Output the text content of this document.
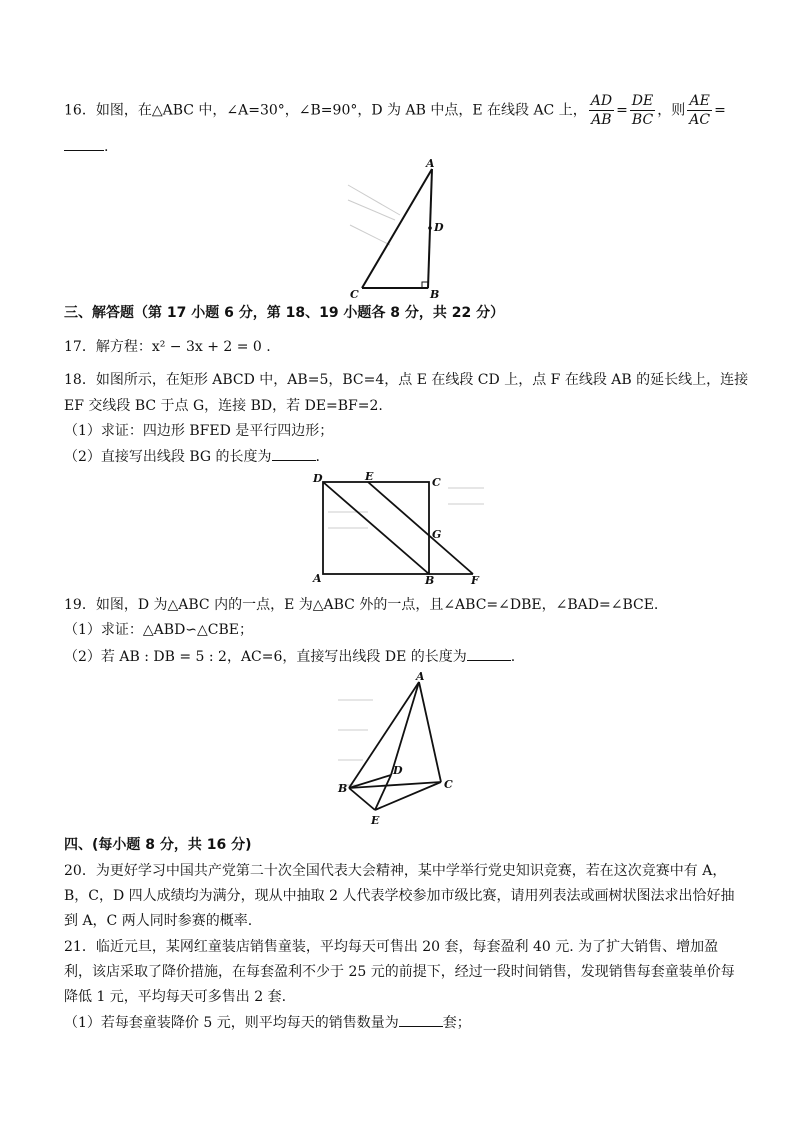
16．如图，在△ABC 中，∠A=30°，∠B=90°，D 为 AB 中点，E 在线段 AC 上， $\frac{AD}{AB} = \frac{DE}{BC}$ ，则 $\frac{AE}{AC}$ =
.
A
D
C	B
三、解答题（第 17 小题 6 分，第 18、19 小题各 8 分，共 22 分）
17．解方程：x² − 3x + 2 = 0 .
18．如图所示，在矩形 ABCD 中，AB=5，BC=4，点 E 在线段 CD 上，点 F 在线段 AB 的延长线上，连接
EF 交线段 BC 于点 G，连接 BD，若 DE=BF=2.
（1）求证：四边形 BFED 是平行四边形；
（2）直接写出线段 BG 的长度为	.
D	E	C
G
A	B	F
19．如图，D 为△ABC 内的一点，E 为△ABC 外的一点，且∠ABC=∠DBE，∠BAD=∠BCE.
（1）求证：△ABD∽△CBE；
（2）若 AB : DB = 5 : 2，AC=6，直接写出线段 DE 的长度为	.
A
D
B	C
E
四、(每小题 8 分，共 16 分)
20．为更好学习中国共产党第二十次全国代表大会精神，某中学举行党史知识竞赛，若在这次竞赛中有 A，
B，C，D 四人成绩均为满分，现从中抽取 2 人代表学校参加市级比赛，请用列表法或画树状图法求出恰好抽
到 A，C 两人同时参赛的概率.
21．临近元旦，某网红童装店销售童装，平均每天可售出 20 套，每套盈利 40 元. 为了扩大销售、增加盈
利，该店采取了降价措施，在每套盈利不少于 25 元的前提下，经过一段时间销售，发现销售每套童装单价每
降低 1 元，平均每天可多售出 2 套.
（1）若每套童装降价 5 元，则平均每天的销售数量为	套；
